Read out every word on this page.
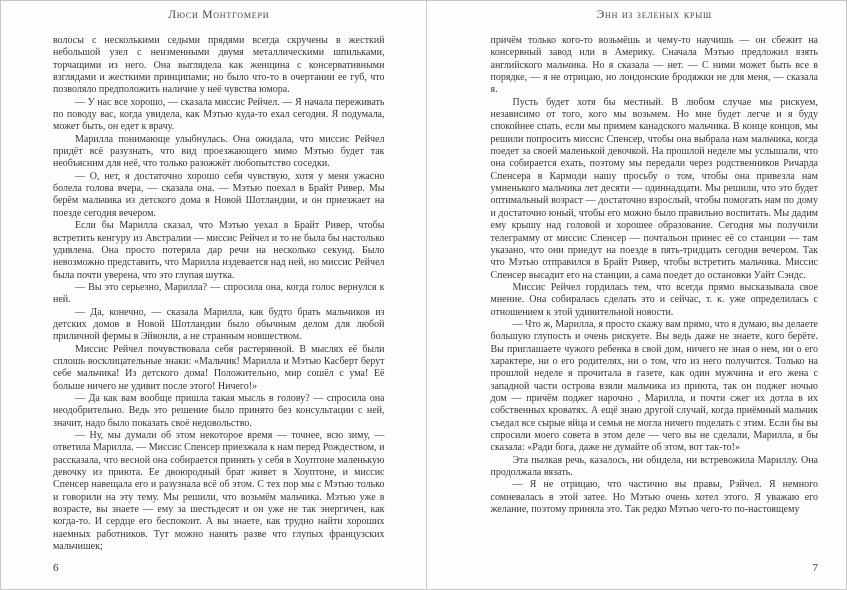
Люси Монтгомери

волосы с несколькими седыми прядями всегда скручены в жесткий небольшой узел с неизменными двумя металлическими шпильками, торчащими из него. Она выглядела как женщина с консервативными взглядами и жесткими принципами; но было что-то в очертании ее губ, что позволяло предположить наличие у неё чувства юмора.

— У нас все хорошо, — сказала миссис Рейчел. — Я начала переживать по поводу вас, когда увидела, как Мэтью куда-то ехал сегодня. Я подумала, может быть, он едет к врачу.

Марилла понимающе улыбнулась. Она ожидала, что миссис Рейчел придёт всё разузнать, что вид проезжающего мимо Мэтью будет так необъясним для неё, что только разожжёт любопытство соседки.

— О, нет, я достаточно хорошо себя чувствую, хотя у меня ужасно болела голова вчера, — сказала она. — Мэтью поехал в Брайт Ривер. Мы берём мальчика из детского дома в Новой Шотландии, и он приезжает на поезде сегодня вечером.

Если бы Марилла сказал, что Мэтью уехал в Брайт Ривер, чтобы встретить кенгуру из Австралии — миссис Рейчел и то не была бы настолько удивлена. Она просто потеряла дар речи на несколько секунд. Было невозможно представить, что Марилла издевается над ней, но миссис Рейчел была почти уверена, что это глупая шутка.

— Вы это серьезно, Марилла? — спросила она, когда голос вернулся к ней.

— Да, конечно, — сказала Марилла, как будто брать мальчиков из детских домов в Новой Шотландии было обычным делом для любой приличной фермы в Эйвонли, а не странным новшеством.

Миссис Рейчел почувствовала себя растерянной. В мыслях её были сплошь восклицательные знаки: «Мальчик! Марилла и Мэтью Касберт берут себе мальчика! Из детского дома! Положительно, мир сошёл с ума! Её больше ничего не удивит после этого! Ничего!»

— Да как вам вообще пришла такая мысль в голову? — спросила она неодобрительно. Ведь это решение было принято без консультации с ней, значит, надо было показать своё недовольство.

— Ну, мы думали об этом некоторое время — точнее, всю зиму, — ответила Марилла. — Миссис Спенсер приезжала к нам перед Рождеством, и рассказала, что весной она собирается принять у себя в Хоуптоне маленькую девочку из приюта. Ее двоюродный брат живет в Хоуптоне, и миссис Спенсер навещала его и разузнала всё об этом. С тех пор мы с Мэтью только и говорили на эту тему. Мы решили, что возьмём мальчика. Мэтью уже в возрасте, вы знаете — ему за шестьдесят и он уже не так энергичен, как когда-то. И сердце его беспокоит. А вы знаете, как трудно найти хороших наемных работников. Тут можно нанять разве что глупых французских мальчишек;

6
Энн из зеленых крыш

причём только кого-то возьмёшь и чему-то научишь — он сбежит на консервный завод или в Америку. Сначала Мэтью предложил взять английского мальчика. Но я сказала — нет. — С ними может быть все в порядке, — я не отрицаю, но лондонские бродяжки не для меня, — сказала я.

Пусть будет хотя бы местный. В любом случае мы рискуем, независимо от того, кого мы возьмем. Но мне будет легче и я буду спокойнее спать, если мы примем канадского мальчика. В конце концов, мы решили попросить миссис Спенсер, чтобы она выбрала нам мальчика, когда поедет за своей маленькой девочкой. На прошлой неделе мы услышали, что она собирается ехать, поэтому мы передали через родственников Ричарда Спенсера в Кармоди нашу просьбу о том, чтобы она привезла нам умненького мальчика лет десяти — одиннадцати. Мы решили, что это будет оптимальный возраст — достаточно взрослый, чтобы помогать нам по дому и достаточно юный, чтобы его можно было правильно воспитать. Мы дадим ему крышу над головой и хорошее образование. Сегодня мы получили телеграмму от миссис Спенсер — почтальон принес её со станции — там указано, что они приедут на поезде в пять-тридцать сегодня вечером. Так что Мэтью отправился в Брайт Ривер, чтобы встретить мальчика. Миссис Спенсер высадит его на станции, а сама поедет до остановки Уайт Сэндс.

Миссис Рейчел гордилась тем, что всегда прямо высказывала свое мнение. Она собиралась сделать это и сейчас, т. к. уже определилась с отношением к этой удивительной новости.

— Что ж, Марилла, я просто скажу вам прямо, что я думаю, вы делаете большую глупость и очень рискуете. Вы ведь даже не знаете, кого берёте. Вы приглашаете чужого ребенка в свой дом, ничего не зная о нем, ни о его характере, ни о его родителях, ни о том, что из него получится. Только на прошлой неделе я прочитала в газете, как один мужчина и его жена с западной части острова взяли мальчика из приюта, так он поджег ночью дом — причём поджег нарочно , Марилла, и почти сжег их дотла в их собственных кроватях. А ещё знаю другой случай, когда приёмный мальчик съедал все сырые яйца и семья не могла ничего поделать с этим. Если бы вы спросили моего совета в этом деле — чего вы не сделали, Марилла, я бы сказала: «Ради бога, даже не думайте об этом, вот так-то!»

Эта пылкая речь, казалось, ни обидела, ни встревожила Мариллу. Она продолжала вязать.

— Я не отрицаю, что частично вы правы, Рэйчел. Я немного сомневалась в этой затее. Но Мэтью очень хотел этого. Я уважаю его желание, поэтому приняла это. Так редко Мэтью чего-то по-настоящему

7
